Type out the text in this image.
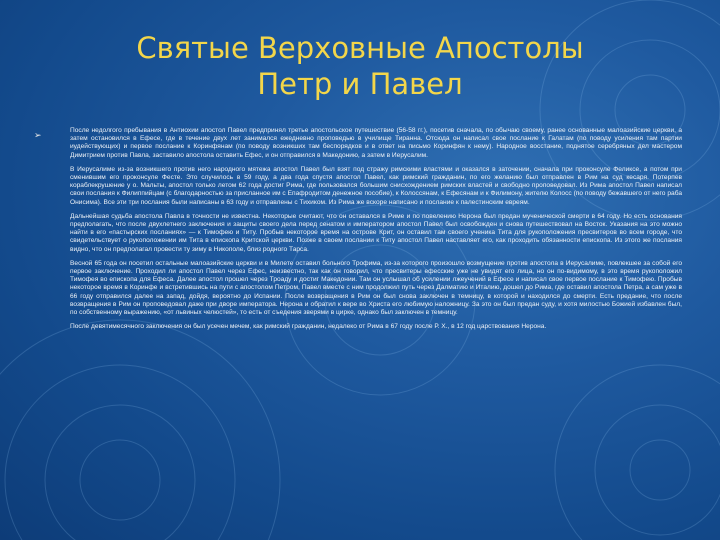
Святые Верховные Апостолы
Петр и Павел
➢	После недолгого пребывания в Антиохии апостол Павел предпринял третье апостольское путешествие (56-58 гг.), посетив сначала, по обычаю своему, ранее основанные малоазийские церкви, а затем остановился в Ефесе, где в течение двух лет занимался ежедневно проповедью в училище Тиранна. Отсюда он написал свое послание к Галатам (по поводу усиления там партии иудействующих) и первое послание к Коринфянам (по поводу возникших там беспорядков и в ответ на письмо Коринфян к нему). Народное восстание, поднятое серебряных дел мастером Димитрием против Павла, заставило апостола оставить Ефес, и он отправился в Македонию, а затем в Иерусалим.

В Иерусалиме из-за возникшего против него народного мятежа апостол Павел был взят под стражу римскими властями и оказался в заточении, сначала при проконсуле Феликсе, а потом при сменившим его проконсуле Фесте. Это случилось в 59 году, а два года спустя апостол Павел, как римский гражданин, по его желанию был отправлен в Рим на суд кесаря. Потерпев кораблекрушение у о. Мальты, апостол только летом 62 года достиг Рима, где пользовался большим снисхождением римских властей и свободно проповедовал. Из Рима апостол Павел написал свои послания к Филиппийцам (с благодарностью за присланное им с Епафродитом денежное пособие), к Колоссянам, к Ефесянам и к Филимону, жителю Колосс (по поводу бежавшего от него раба Онисима). Все эти три послания были написаны в 63 году и отправлены с Тихиком. Из Рима же вскоре написано и послание к палестинским евреям.

Дальнейшая судьба апостола Павла в точности не известна. Некоторые считают, что он оставался в Риме и по повелению Нерона был предан мученической смерти в 64 году. Но есть основания предполагать, что после двухлетнего заключения и защиты своего дела перед сенатом и императором апостол Павел был освобожден и снова путешествовал на Восток. Указания на это можно найти в его «пастырских посланиях» — к Тимофею и Титу. Пробыв некоторое время на острове Крит, он оставил там своего ученика Тита для рукоположения пресвитеров во всем городе, что свидетельствует о рукоположении им Тита в епископа Критской церкви. Позже в своем послании к Титу апостол Павел наставляет его, как проходить обязанности епископа. Из этого же послания видно, что он предполагал провести ту зиму в Никополе, близ родного Тарса.

Весной 65 года он посетил остальные малоазийские церкви и в Милете оставил больного Трофима, из-за которого произошло возмущение против апостола в Иерусалиме, повлекшее за собой его первое заключение. Проходил ли апостол Павел через Ефес, неизвестно, так как он говорил, что пресвитеры ефесские уже не увидят его лица, но он по-видимому, в это время рукоположил Тимофея во епископа для Ефеса. Далее апостол прошел через Троаду и достиг Македонии. Там он услышал об усилении лжеучений в Ефесе и написал свое первое послание к Тимофею. Пробыв некоторое время в Коринфе и встретившись на пути с апостолом Петром, Павел вместе с ним продолжил путь через Далматию и Италию, дошел до Рима, где оставил апостола Петра, а сам уже в 66 году отправился далее на запад, дойдя, вероятно до Испании. После возвращения в Рим он был снова заключен в темницу, в которой и находился до смерти. Есть предание, что после возвращения в Рим он проповедовал даже при дворе императора. Нерона и обратил к вере во Христа его любимую наложницу. За это он был предан суду, и хотя милостью Божией избавлен был, по собственному выражению, «от львиных челюстей», то есть от съедения зверями в цирке, однако был заключен в темницу.

После девятимесячного заключения он был усечен мечем, как римский гражданин, недалеко от Рима в 67 году после Р. Х., в 12 год царствования Нерона.
